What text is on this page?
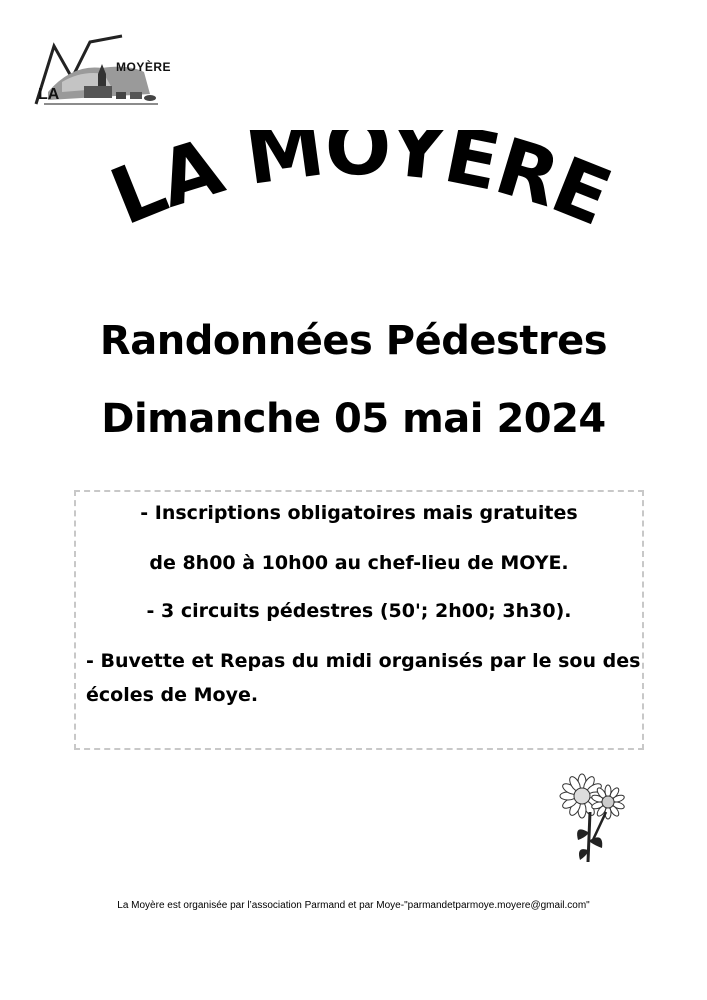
LA
MOYÈRE
LA MOYERE
Randonnées Pédestres
Dimanche 05 mai 2024
- Inscriptions obligatoires mais gratuites
de 8h00 à 10h00 au chef-lieu de MOYE.
- 3 circuits pédestres (50'; 2h00; 3h30).
- Buvette et Repas du midi organisés par le sou des
écoles de Moye.
La Moyère est organisée par l’association Parmand et par Moye-"parmandetparmoye.moyere@gmail.com"
